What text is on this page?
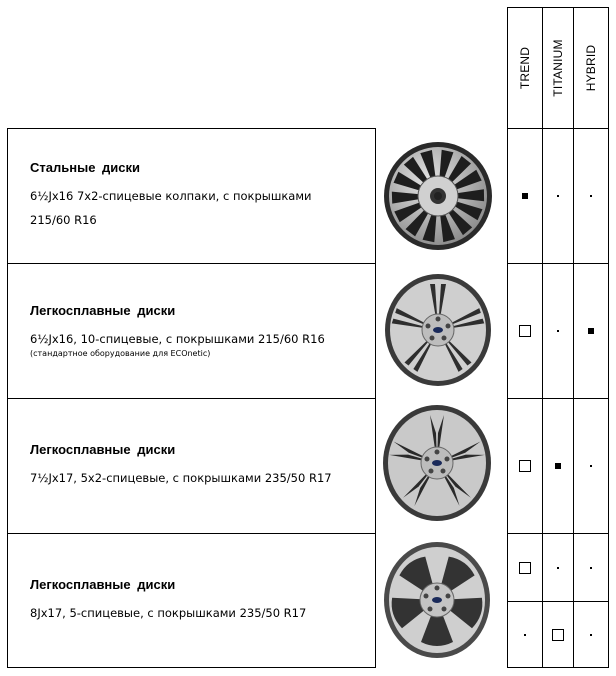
TREND TITANIUM HYBRID
Стальные диски
6½Jx16 7x2-спицевые колпаки, с покрышками
215/60 R16
Легкосплавные диски
6½Jx16, 10-спицевые, с покрышками 215/60 R16
(стандартное оборудование для ECOnetic)
Легкосплавные диски
7½Jx17, 5x2-спицевые, с покрышками 235/50 R17
Легкосплавные диски
8Jx17, 5-спицевые, с покрышками 235/50 R17
